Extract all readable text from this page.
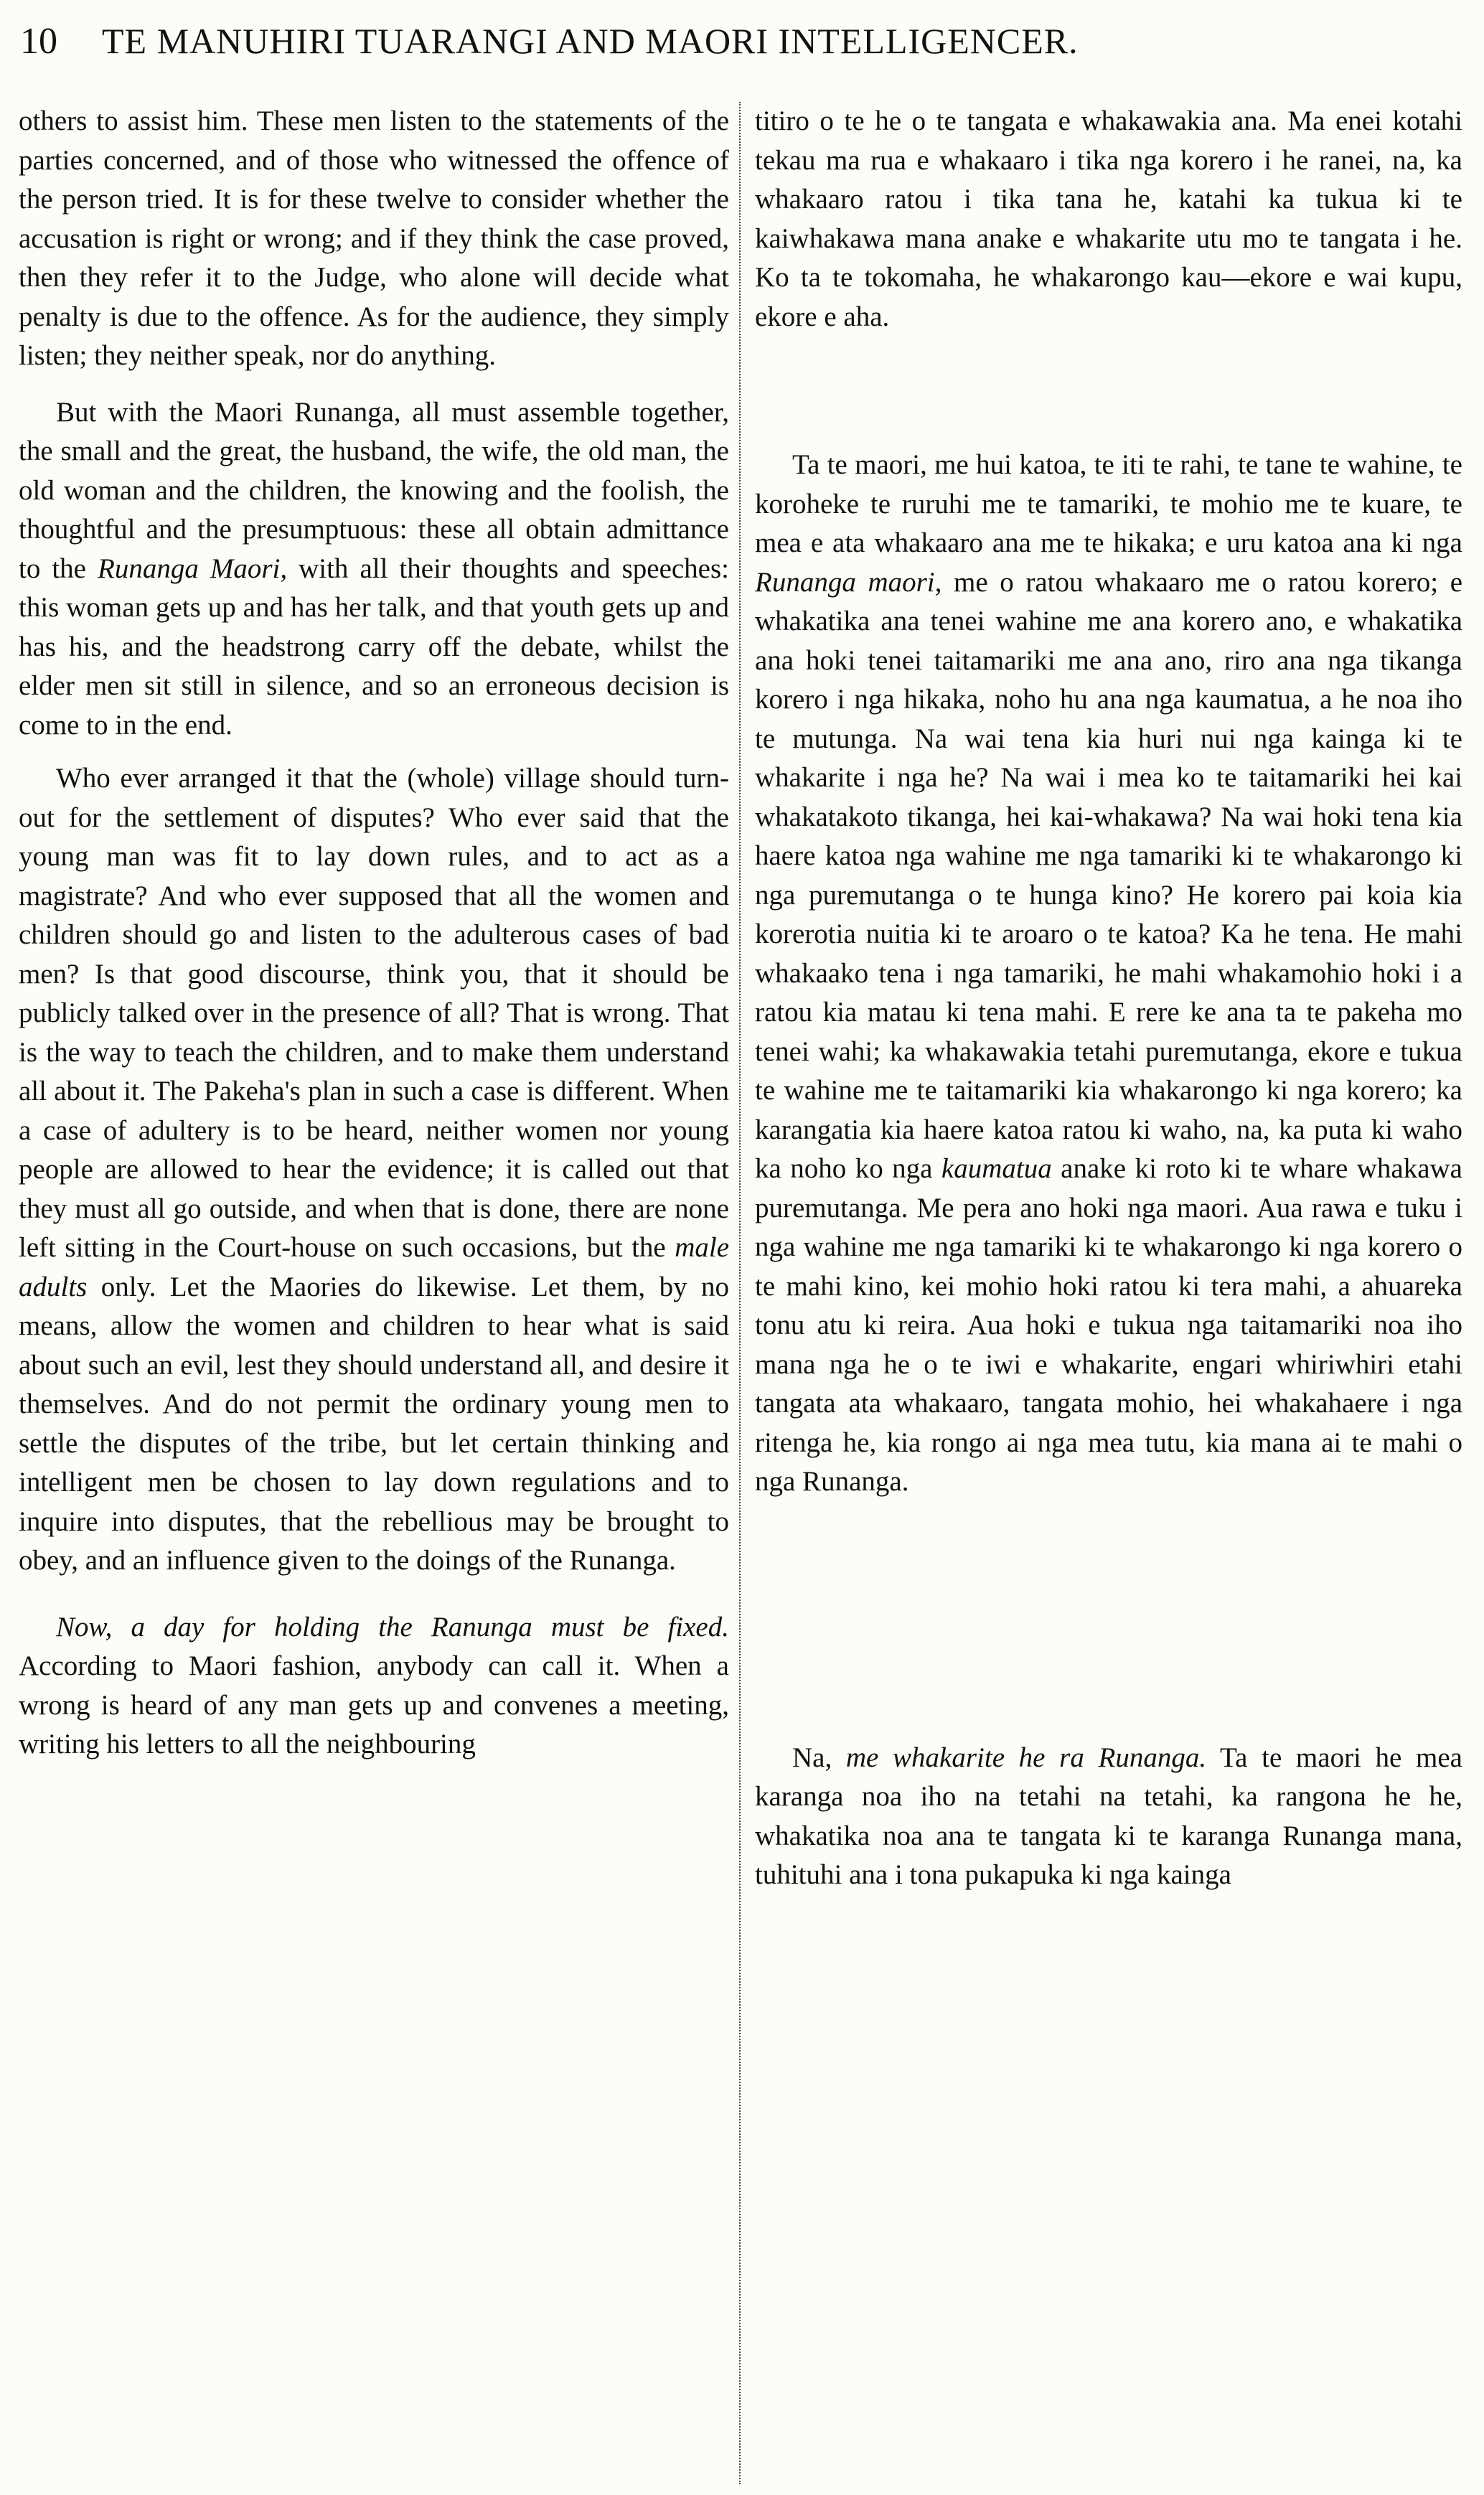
10 TE MANUHIRI TUARANGI AND MAORI INTELLIGENCER.

others to assist him. These men listen to the statements of the parties concerned, and of those who witnessed the offence of the person tried. It is for these twelve to consider whether the accusation is right or wrong; and if they think the case proved, then they refer it to the Judge, who alone will decide what penalty is due to the offence. As for the audience, they simply listen; they neither speak, nor do anything.

But with the Maori Runanga, all must assemble together, the small and the great, the husband, the wife, the old man, the old woman and the children, the knowing and the foolish, the thoughtful and the presumptuous: these all obtain admittance to the Runanga Maori, with all their thoughts and speeches: this woman gets up and has her talk, and that youth gets up and has his, and the headstrong carry off the debate, whilst the elder men sit still in silence, and so an erroneous decision is come to in the end.

Who ever arranged it that the (whole) village should turn-out for the settlement of disputes? Who ever said that the young man was fit to lay down rules, and to act as a magistrate? And who ever supposed that all the women and children should go and listen to the adulterous cases of bad men? Is that good discourse, think you, that it should be publicly talked over in the presence of all? That is wrong. That is the way to teach the children, and to make them understand all about it. The Pakeha's plan in such a case is different. When a case of adultery is to be heard, neither women nor young people are allowed to hear the evidence; it is called out that they must all go outside, and when that is done, there are none left sitting in the Court-house on such occasions, but the male adults only. Let the Maories do likewise. Let them, by no means, allow the women and children to hear what is said about such an evil, lest they should understand all, and desire it themselves. And do not permit the ordinary young men to settle the disputes of the tribe, but let certain thinking and intelligent men be chosen to lay down regulations and to inquire into disputes, that the rebellious may be brought to obey, and an influence given to the doings of the Runanga.

Now, a day for holding the Ranunga must be fixed. According to Maori fashion, anybody can call it. When a wrong is heard of any man gets up and convenes a meeting, writing his letters to all the neighbouring

titiro o te he o te tangata e whakawakia ana. Ma enei kotahi tekau ma rua e whakaaro i tika nga korero i he ranei, na, ka whakaaro ratou i tika tana he, katahi ka tukua ki te kaiwhakawa mana anake e whakarite utu mo te tangata i he. Ko ta te tokomaha, he whakarongo kau—ekore e wai kupu, ekore e aha.

Ta te maori, me hui katoa, te iti te rahi, te tane te wahine, te koroheke te ruruhi me te tamariki, te mohio me te kuare, te mea e ata whakaaro ana me te hikaka; e uru katoa ana ki nga Runanga maori, me o ratou whakaaro me o ratou korero; e whakatika ana tenei wahine me ana korero ano, e whakatika ana hoki tenei taitamariki me ana ano, riro ana nga tikanga korero i nga hikaka, noho hu ana nga kaumatua, a he noa iho te mutunga. Na wai tena kia huri nui nga kainga ki te whakarite i nga he? Na wai i mea ko te taitamariki hei kai whakatakoto tikanga, hei kai-whakawa? Na wai hoki tena kia haere katoa nga wahine me nga tamariki ki te whakarongo ki nga puremutanga o te hunga kino? He korero pai koia kia korerotia nuitia ki te aroaro o te katoa? Ka he tena. He mahi whakaako tena i nga tamariki, he mahi whakamohio hoki i a ratou kia matau ki tena mahi. E rere ke ana ta te pakeha mo tenei wahi; ka whakawakia tetahi puremutanga, ekore e tukua te wahine me te taitamariki kia whakarongo ki nga korero; ka karangatia kia haere katoa ratou ki waho, na, ka puta ki waho ka noho ko nga kaumatua anake ki roto ki te whare whakawa puremutanga. Me pera ano hoki nga maori. Aua rawa e tuku i nga wahine me nga tamariki ki te whakarongo ki nga korero o te mahi kino, kei mohio hoki ratou ki tera mahi, a ahuareka tonu atu ki reira. Aua hoki e tukua nga taitamariki noa iho mana nga he o te iwi e whakarite, engari whiriwhiri etahi tangata ata whakaaro, tangata mohio, hei whakahaere i nga ritenga he, kia rongo ai nga mea tutu, kia mana ai te mahi o nga Runanga.

Na, me whakarite he ra Runanga. Ta te maori he mea karanga noa iho na tetahi na tetahi, ka rangona he he, whakatika noa ana te tangata ki te karanga Runanga mana, tuhituhi ana i tona pukapuka ki nga kainga
